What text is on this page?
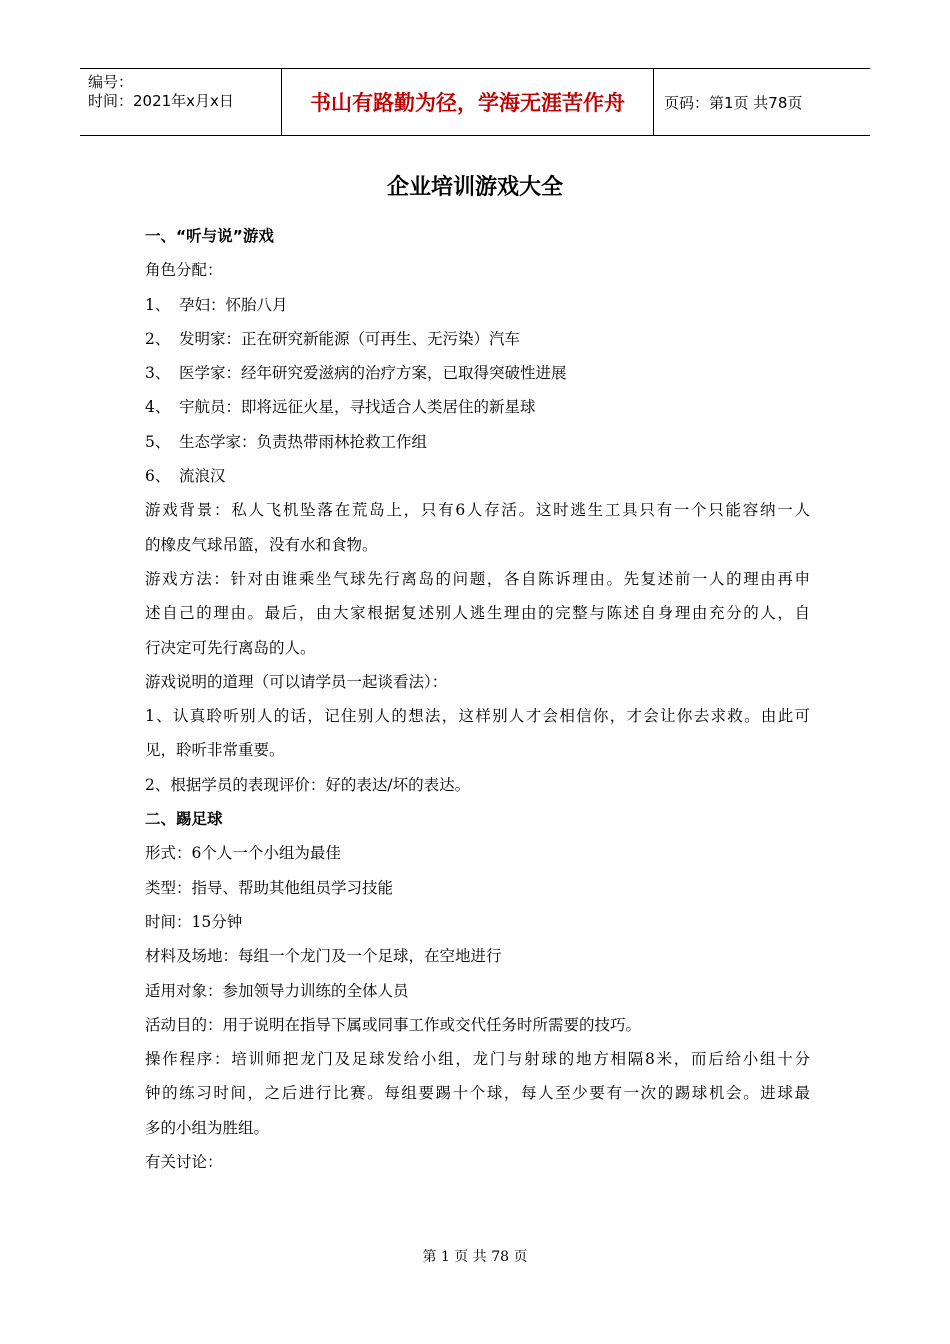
编号：
时间：2021年x月x日	书山有路勤为径，学海无涯苦作舟	页码：第1页 共78页
企业培训游戏大全
一、“听与说”游戏
角色分配：
1、 孕妇：怀胎八月
2、 发明家：正在研究新能源（可再生、无污染）汽车
3、 医学家：经年研究爱滋病的治疗方案，已取得突破性进展
4、 宇航员：即将远征火星，寻找适合人类居住的新星球
5、 生态学家：负责热带雨林抢救工作组
6、 流浪汉
游戏背景：私人飞机坠落在荒岛上，只有6人存活。这时逃生工具只有一个只能容纳一人
的橡皮气球吊篮，没有水和食物。
游戏方法：针对由谁乘坐气球先行离岛的问题，各自陈诉理由。先复述前一人的理由再申
述自己的理由。最后，由大家根据复述别人逃生理由的完整与陈述自身理由充分的人，自
行决定可先行离岛的人。
游戏说明的道理（可以请学员一起谈看法）：
1、认真聆听别人的话，记住别人的想法，这样别人才会相信你，才会让你去求救。由此可
见，聆听非常重要。
2、根据学员的表现评价：好的表达/坏的表达。
二、踢足球
形式：6个人一个小组为最佳
类型：指导、帮助其他组员学习技能
时间：15分钟
材料及场地：每组一个龙门及一个足球，在空地进行
适用对象：参加领导力训练的全体人员
活动目的：用于说明在指导下属或同事工作或交代任务时所需要的技巧。
操作程序：培训师把龙门及足球发给小组，龙门与射球的地方相隔8米，而后给小组十分
钟的练习时间，之后进行比赛。每组要踢十个球，每人至少要有一次的踢球机会。进球最
多的小组为胜组。
有关讨论：
第 1 页 共 78 页
